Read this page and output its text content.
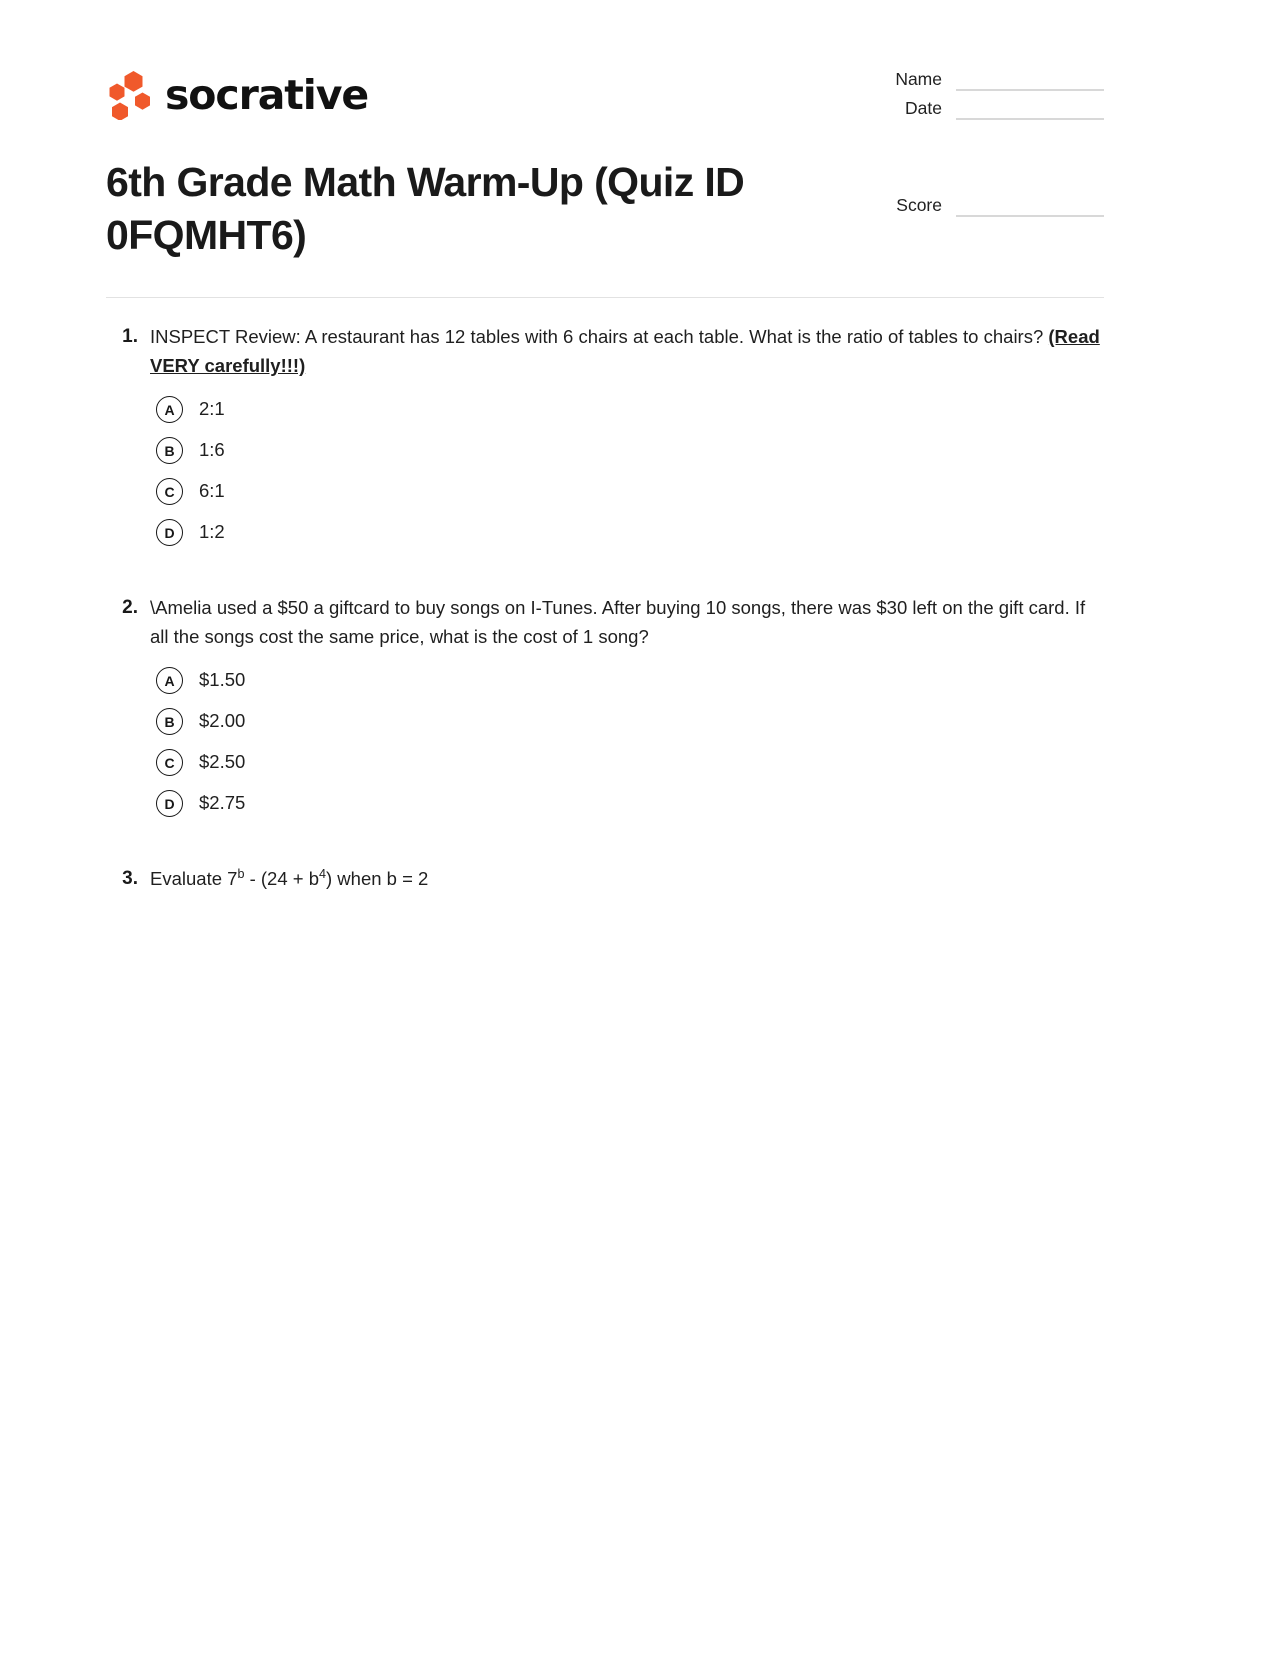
socrative	Name
Date
Score
6th Grade Math Warm-Up (Quiz ID 0FQMHT6)
1. INSPECT Review: A restaurant has 12 tables with 6 chairs at each table. What is the ratio of tables to chairs? (Read VERY carefully!!!)
A	2:1
B	1:6
C	6:1
D	1:2
2. \Amelia used a $50 a giftcard to buy songs on I-Tunes. After buying 10 songs, there was $30 left on the gift card. If all the songs cost the same price, what is the cost of 1 song?
A	$1.50
B	$2.00
C	$2.50
D	$2.75
3. Evaluate $7^b - (24 + b^4)$ when b = 2
